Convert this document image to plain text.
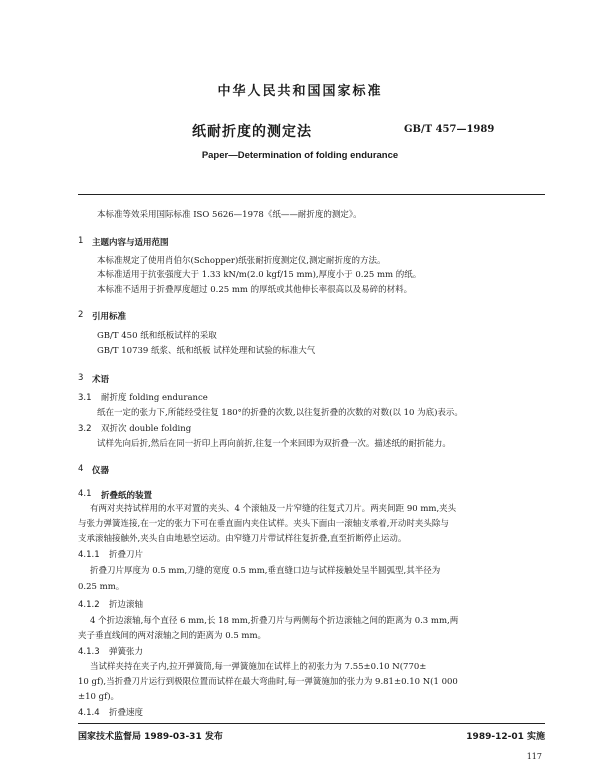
中华人民共和国国家标准
纸耐折度的测定法	GB/T 457—1989
Paper—Determination of folding endurance
本标准等效采用国际标准 ISO 5626—1978《纸——耐折度的测定》。
1 主题内容与适用范围
本标准规定了使用肖伯尔(Schopper)纸张耐折度测定仪,测定耐折度的方法。
本标准适用于抗张强度大于 1.33 kN/m(2.0 kgf/15 mm),厚度小于 0.25 mm 的纸。
本标准不适用于折叠厚度超过 0.25 mm 的厚纸或其他伸长率很高以及易碎的材料。
2 引用标准
GB/T 450 纸和纸板试样的采取
GB/T 10739 纸浆、纸和纸板 试样处理和试验的标准大气
3 术语
3.1 耐折度 folding endurance
纸在一定的张力下,所能经受往复 180°的折叠的次数,以往复折叠的次数的对数(以 10 为底)表示。
3.2 双折次 double folding
试样先向后折,然后在同一折印上再向前折,往复一个来回即为双折叠一次。描述纸的耐折能力。
4 仪器
4.1 折叠纸的装置
有两对夹持试样用的水平对置的夹头、4 个滚轴及一片窄缝的往复式刀片。两夹间距 90 mm,夹头
与张力弹簧连接,在一定的张力下可在垂直面内夹住试样。夹头下面由一滚轴支承着,开动时夹头除与
支承滚轴接触外,夹头自由地悬空运动。由窄缝刀片带试样往复折叠,直至折断停止运动。
4.1.1 折叠刀片
折叠刀片厚度为 0.5 mm,刀缝的宽度 0.5 mm,垂直缝口边与试样接触处呈半圆弧型,其半径为
0.25 mm。
4.1.2 折边滚轴
4 个折边滚轴,每个直径 6 mm,长 18 mm,折叠刀片与两侧每个折边滚轴之间的距离为 0.3 mm,两
夹子垂直线间的两对滚轴之间的距离为 0.5 mm。
4.1.3 弹簧张力
当试样夹持在夹子内,拉开弹簧筒,每一弹簧施加在试样上的初张力为 7.55±0.10 N(770±
10 gf),当折叠刀片运行到极限位置而试样在最大弯曲时,每一弹簧施加的张力为 9.81±0.10 N(1 000
±10 gf)。
4.1.4 折叠速度
国家技术监督局 1989-03-31 发布	1989-12-01 实施
117
